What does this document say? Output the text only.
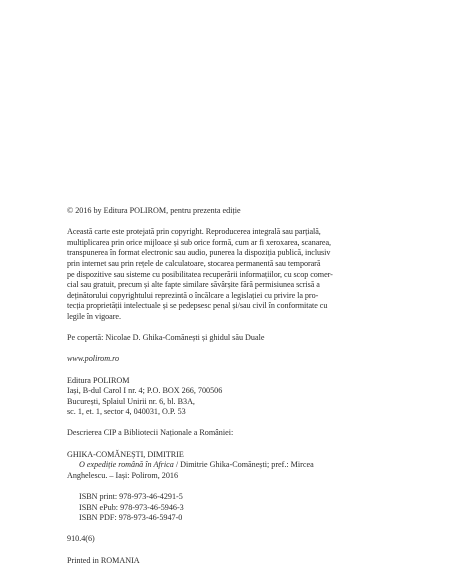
© 2016 by Editura POLIROM, pentru prezenta ediție

Această carte este protejată prin copyright. Reproducerea integrală sau parțială,

multiplicarea prin orice mijloace și sub orice formă, cum ar fi xeroxarea, scanarea,

transpunerea în format electronic sau audio, punerea la dispoziția publică, inclusiv

prin internet sau prin rețele de calculatoare, stocarea permanentă sau temporară

pe dispozitive sau sisteme cu posibilitatea recuperării informațiilor, cu scop comer-

cial sau gratuit, precum și alte fapte similare săvârșite fără permisiunea scrisă a

deținătorului copyrightului reprezintă o încălcare a legislației cu privire la pro-

tecția proprietății intelectuale și se pedepsesc penal și/sau civil în conformitate cu

legile în vigoare.

Pe copertă: Nicolae D. Ghika-Comănești și ghidul său Duale

www.polirom.ro

Editura POLIROM

Iași, B-dul Carol I nr. 4; P.O. BOX 266, 700506

București, Splaiul Unirii nr. 6, bl. B3A,

sc. 1, et. 1, sector 4, 040031, O.P. 53

Descrierea CIP a Bibliotecii Naționale a României:

GHIKA-COMĂNEȘTI, DIMITRIE

O expediție română în Africa / Dimitrie Ghika-Comănești; pref.: Mircea

Anghelescu. – Iași: Polirom, 2016

ISBN print: 978-973-46-4291-5

ISBN ePub: 978-973-46-5946-3

ISBN PDF: 978-973-46-5947-0

910.4(6)

Printed in ROMANIA
